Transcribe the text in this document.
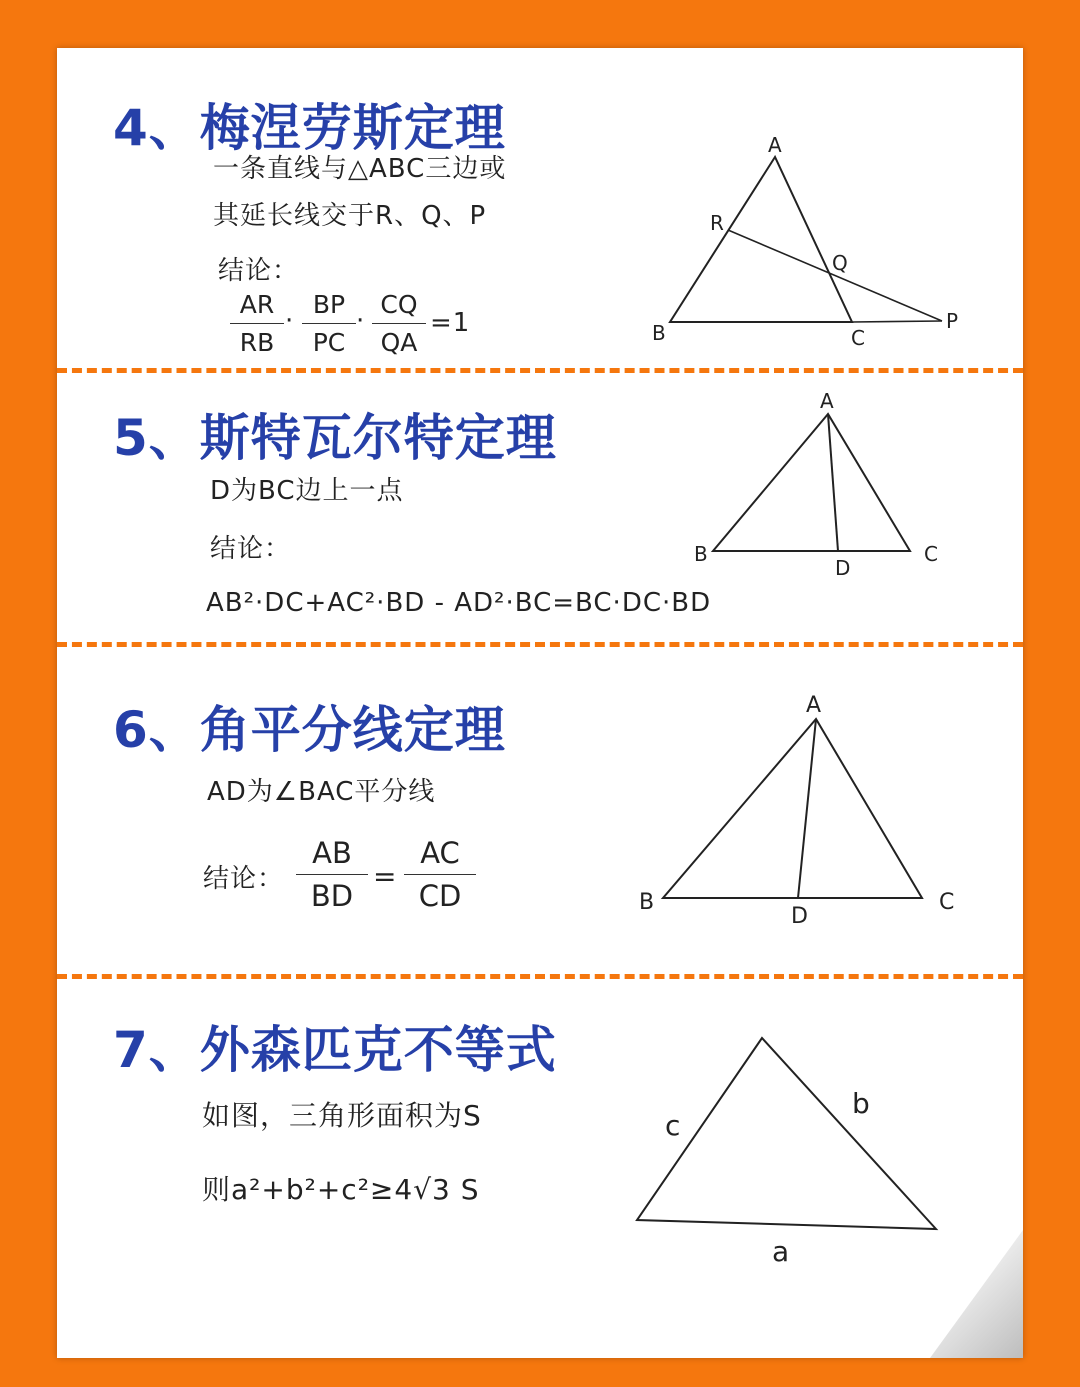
4、梅涅劳斯定理
一条直线与△ABC三边或
其延长线交于R、Q、P
结论：
$\frac{AR}{RB} \cdot \frac{BP}{PC} \cdot \frac{CQ}{QA} =1$
A
B	C
R
Q
P
5、斯特瓦尔特定理
D为BC边上一点
结论：
AB²·DC+AC²·BD - AD²·BC=BC·DC·BD
A
B	C
D
6、角平分线定理
AD为∠BAC平分线
结论： $\frac{AB}{BD} = \frac{AC}{CD}$
A
B	C
D
7、外森匹克不等式
如图，三角形面积为S
则a²+b²+c²≥4√3 S
b
c
a
